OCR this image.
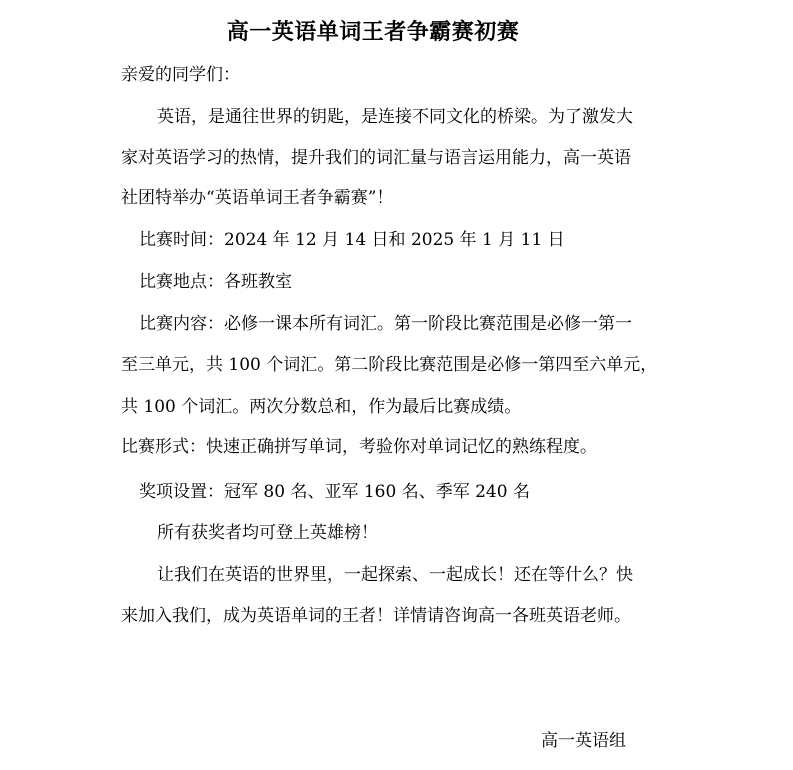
高一英语单词王者争霸赛初赛
亲爱的同学们：
英语，是通往世界的钥匙，是连接不同文化的桥梁。为了激发大
家对英语学习的热情，提升我们的词汇量与语言运用能力，高一英语
社团特举办“英语单词王者争霸赛”！
比赛时间：2024 年 12 月 14 日和 2025 年 1 月 11 日
比赛地点：各班教室
比赛内容：必修一课本所有词汇。第一阶段比赛范围是必修一第一
至三单元，共 100 个词汇。第二阶段比赛范围是必修一第四至六单元，
共 100 个词汇。两次分数总和，作为最后比赛成绩。
比赛形式：快速正确拼写单词，考验你对单词记忆的熟练程度。
奖项设置：冠军 80 名、亚军 160 名、季军 240 名
所有获奖者均可登上英雄榜！
让我们在英语的世界里，一起探索、一起成长！还在等什么？快
来加入我们，成为英语单词的王者！详情请咨询高一各班英语老师。
高一英语组
